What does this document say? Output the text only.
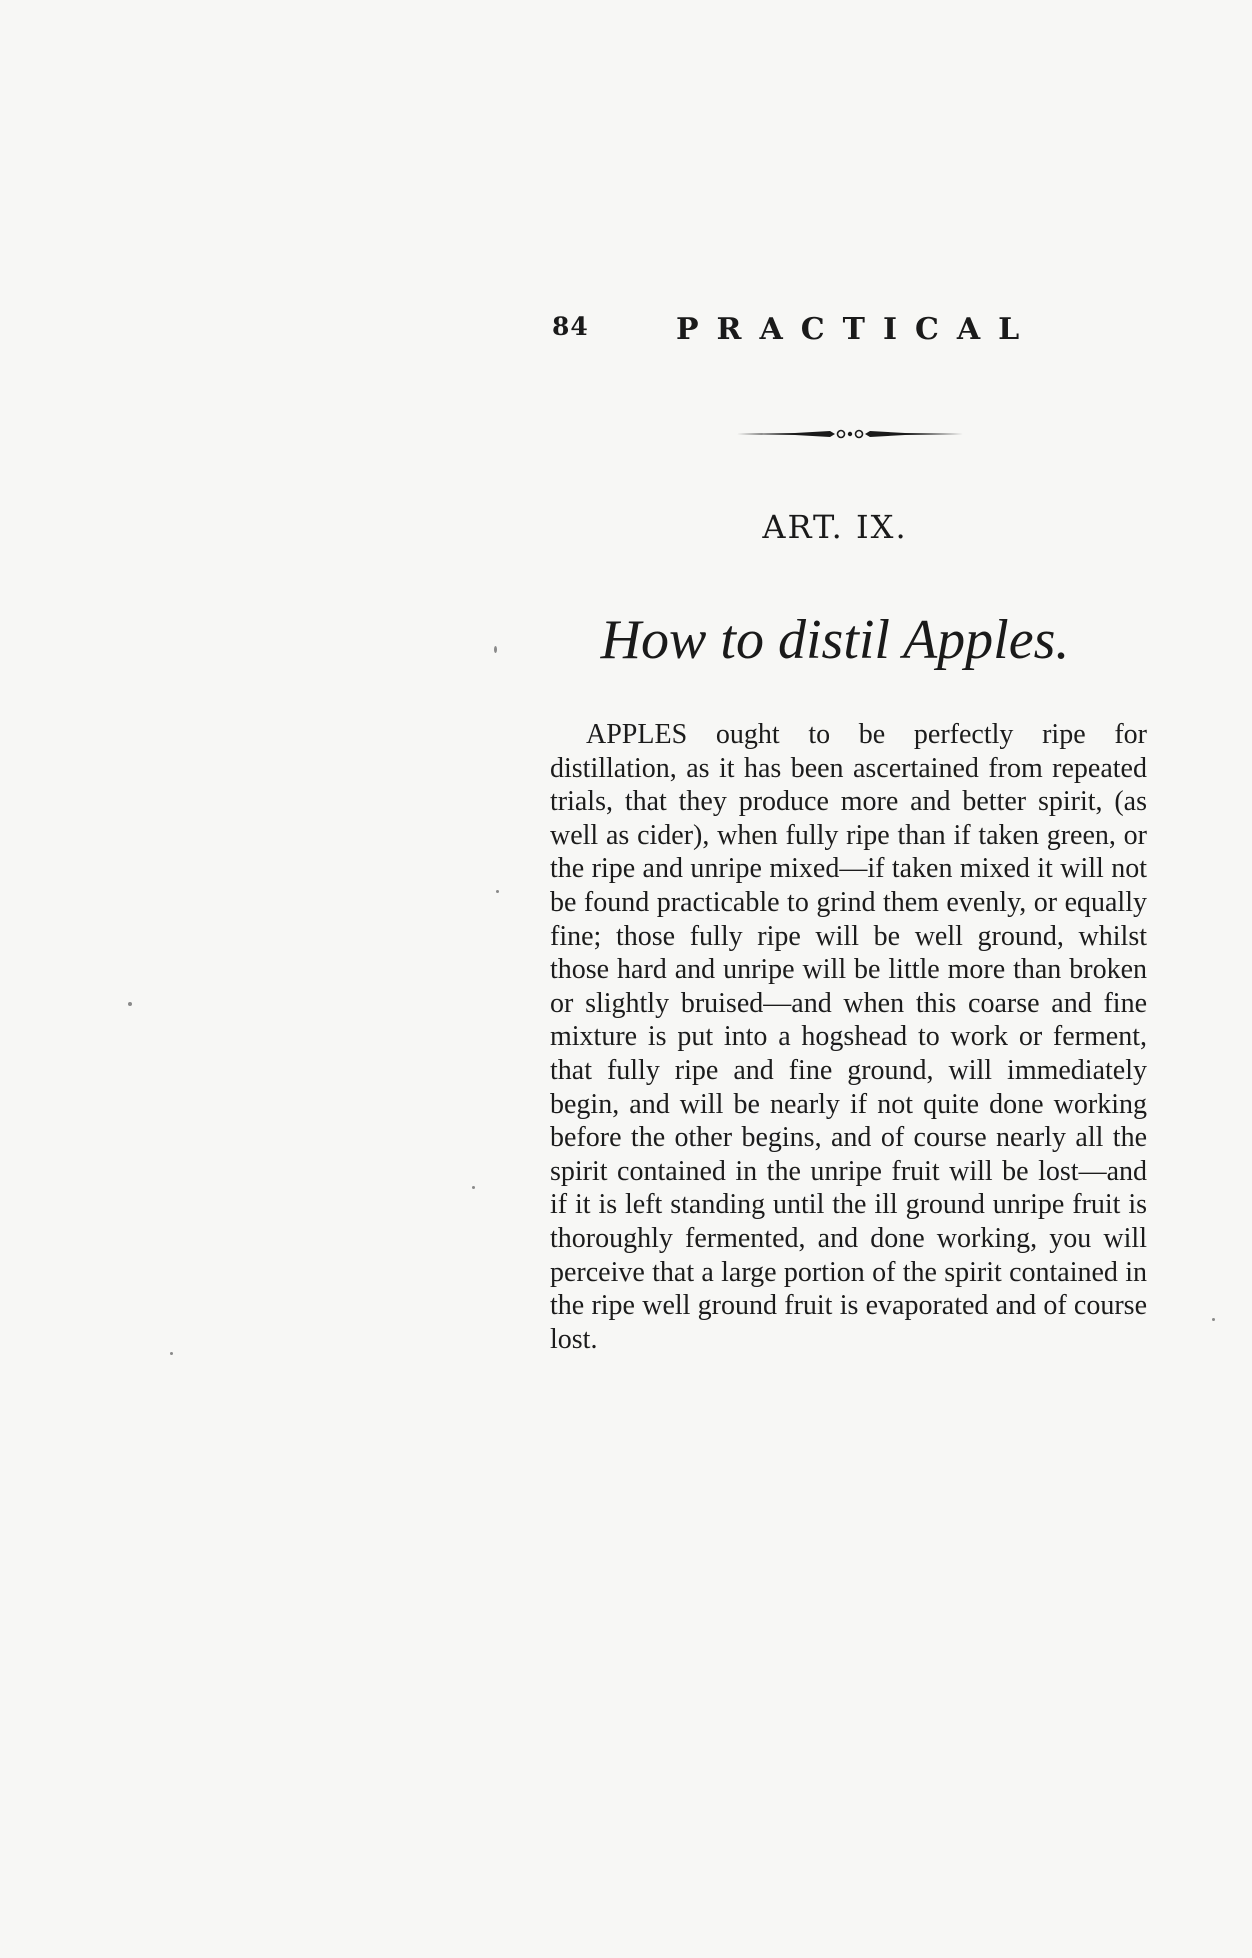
84	PRACTICAL
ART. IX.
How to distil Apples.

APPLES ought to be perfectly ripe for distillation, as it has been ascertained from repeated trials, that they produce more and better spirit, (as well as cider), when fully ripe than if taken green, or the ripe and unripe mixed—if taken mixed it will not be found practicable to grind them evenly, or equally fine; those fully ripe will be well ground, whilst those hard and unripe will be little more than broken or slightly bruised—and when this coarse and fine mixture is put into a hogshead to work or ferment, that fully ripe and fine ground, will immediately begin, and will be nearly if not quite done working before the other begins, and of course nearly all the spirit contained in the unripe fruit will be lost—and if it is left standing until the ill ground unripe fruit is thoroughly fermented, and done working, you will perceive that a large portion of the spirit contained in the ripe well ground fruit is evaporated and of course lost.
